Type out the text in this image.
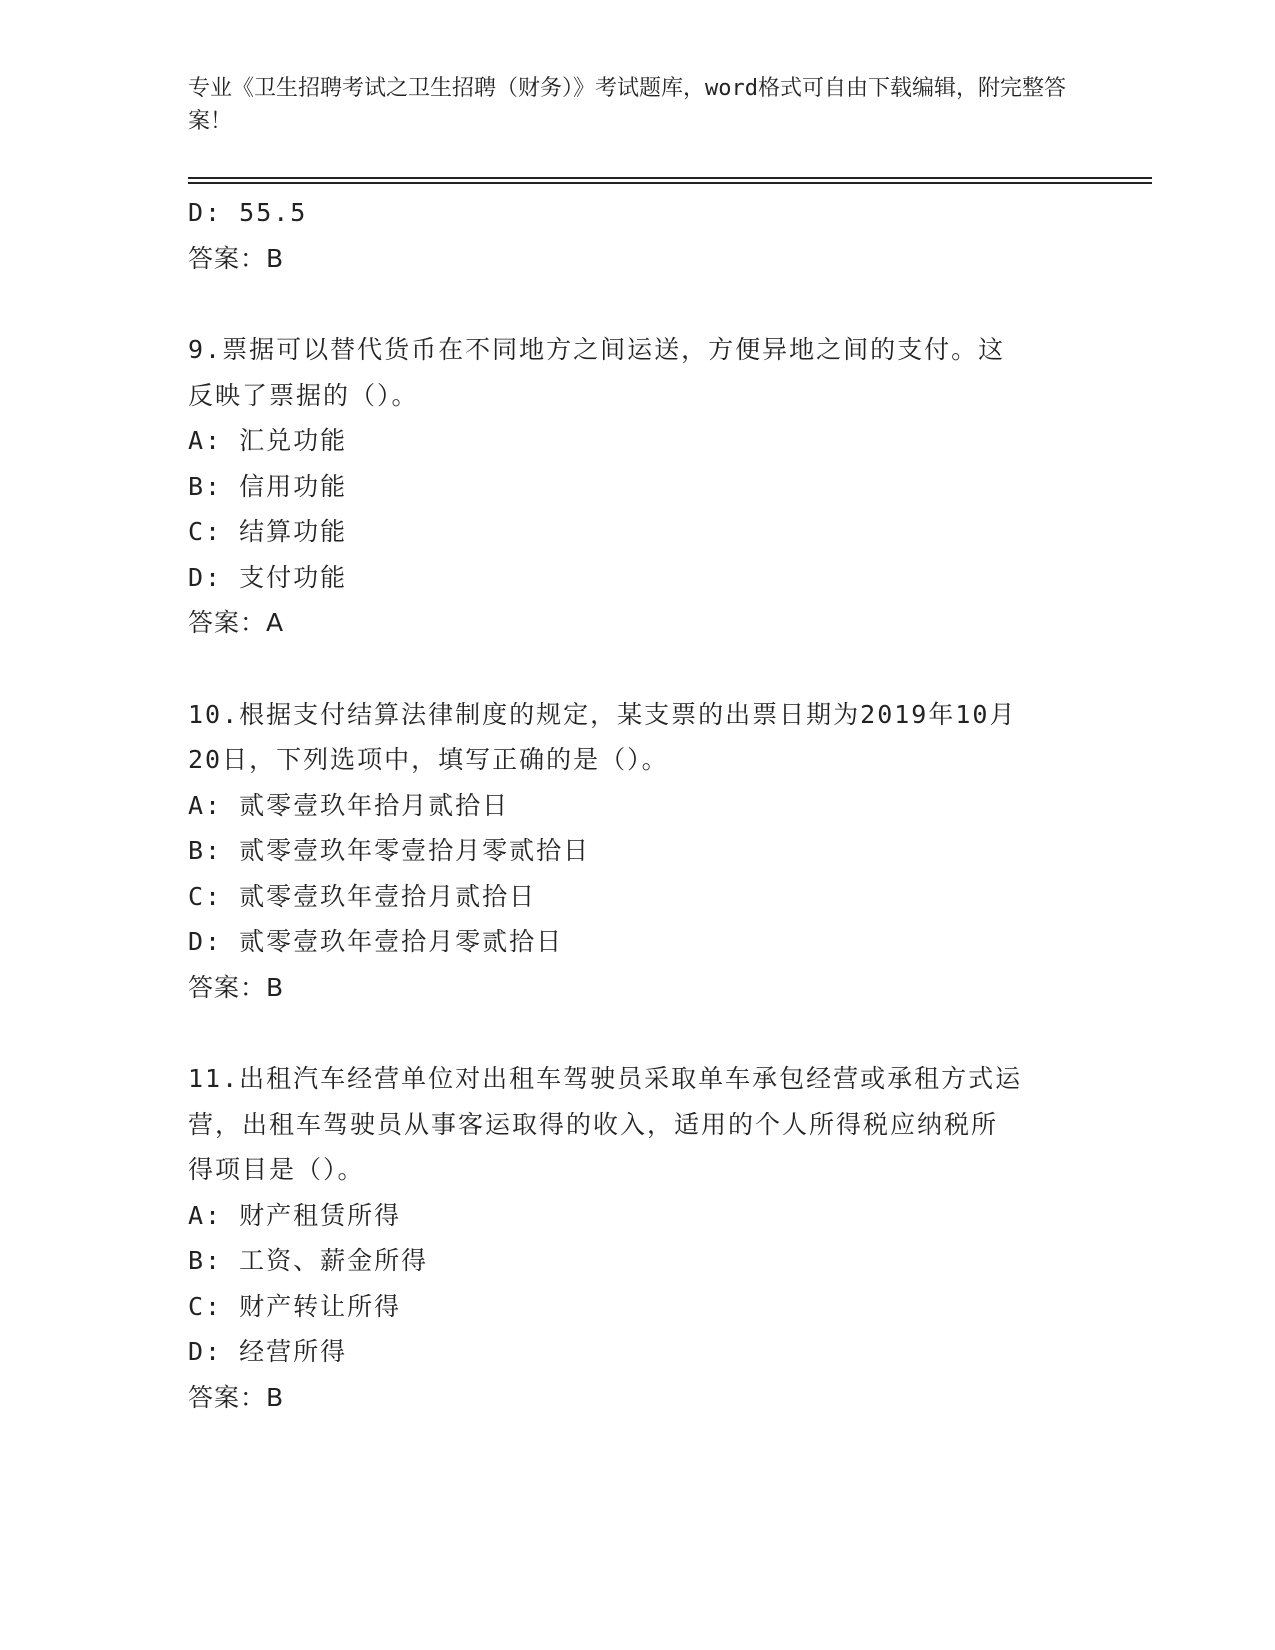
专业《卫生招聘考试之卫生招聘（财务）》考试题库，word格式可自由下载编辑，附完整答案！
D: 55.5
答案：B
9.票据可以替代货币在不同地方之间运送，方便异地之间的支付。这
反映了票据的（）。
A: 汇兑功能
B: 信用功能
C: 结算功能
D: 支付功能
答案：A
10.根据支付结算法律制度的规定，某支票的出票日期为2019年10月
20日，下列选项中，填写正确的是（）。
A: 贰零壹玖年拾月贰拾日
B: 贰零壹玖年零壹拾月零贰拾日
C: 贰零壹玖年壹拾月贰拾日
D: 贰零壹玖年壹拾月零贰拾日
答案：B
11.出租汽车经营单位对出租车驾驶员采取单车承包经营或承租方式运
营，出租车驾驶员从事客运取得的收入，适用的个人所得税应纳税所
得项目是（）。
A: 财产租赁所得
B: 工资、薪金所得
C: 财产转让所得
D: 经营所得
答案：B
